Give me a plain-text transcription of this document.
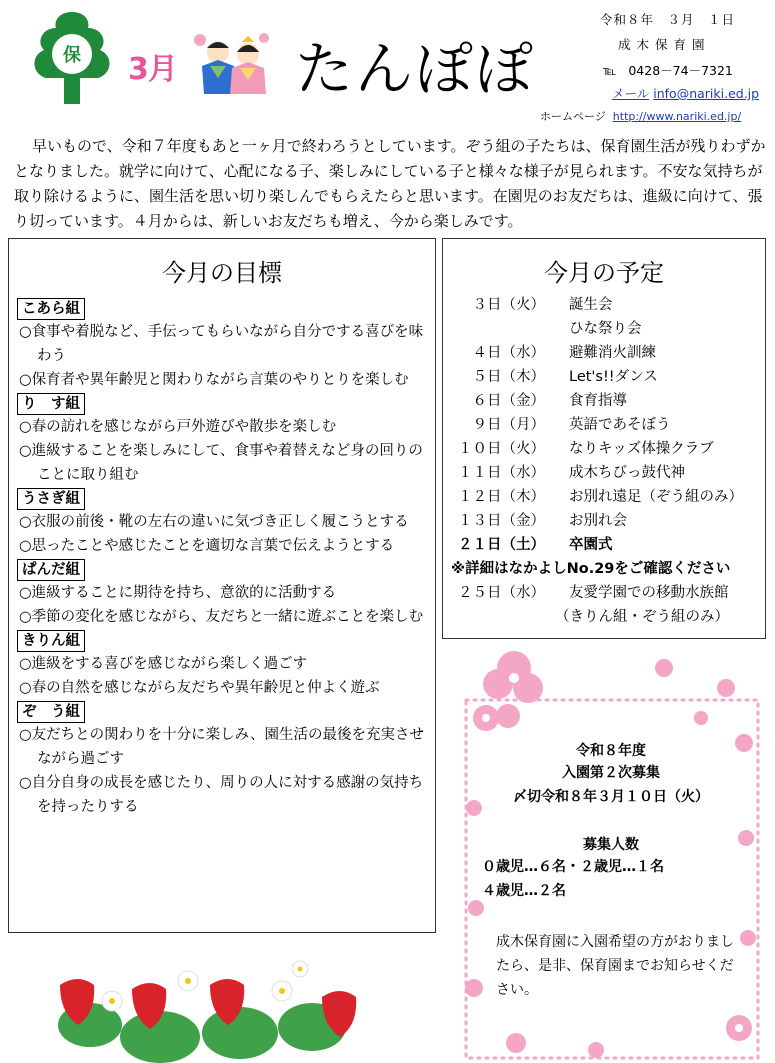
保 3月 たんぽぽ
令和８年　３月　１日
成木保育園
℡ 0428－74－7321
メール info@nariki.ed.jp
ホームページ http://www.nariki.ed.jp/
早いもので、令和７年度もあと一ヶ月で終わろうとしています。ぞう組の子たちは、保育園生活が残りわずかとなりました。就学に向けて、心配になる子、楽しみにしている子と様々な様子が見られます。不安な気持ちが取り除けるように、園生活を思い切り楽しんでもらえたらと思います。在園児のお友だちは、進級に向けて、張り切っています。４月からは、新しいお友だちも増え、今から楽しみです。
今月の目標
こあら組
○食事や着脱など、手伝ってもらいながら自分でする喜びを味わう
○保育者や異年齢児と関わりながら言葉のやりとりを楽しむ
り　す組
○春の訪れを感じながら戸外遊びや散歩を楽しむ
○進級することを楽しみにして、食事や着替えなど身の回りのことに取り組む
うさぎ組
○衣服の前後・靴の左右の違いに気づき正しく履こうとする
○思ったことや感じたことを適切な言葉で伝えようとする
ぱんだ組
○進級することに期待を持ち、意欲的に活動する
○季節の変化を感じながら、友だちと一緒に遊ぶことを楽しむ
きりん組
○進級をする喜びを感じながら楽しく過ごす
○春の自然を感じながら友だちや異年齢児と仲よく遊ぶ
ぞ　う組
○友だちとの関わりを十分に楽しみ、園生活の最後を充実させながら過ごす
○自分自身の成長を感じたり、周りの人に対する感謝の気持ちを持ったりする
今月の予定
３日（火）	誕生会
ひな祭り会
４日（水）	避難消火訓練
５日（木）	Let's!!ダンス
６日（金）	食育指導
９日（月）	英語であそぼう
１０日（火）	なりキッズ体操クラブ
１１日（水）	成木ちびっ鼓代神
１２日（木）	お別れ遠足（ぞう組のみ）
１３日（金）	お別れ会
２１日（土）	卒園式
※詳細はなかよしNo.29をご確認ください
２５日（水）	友愛学園での移動水族館
（きりん組・ぞう組のみ）
令和８年度
入園第２次募集
〆切令和８年３月１０日（火）
募集人数
０歳児…６名・２歳児…１名
４歳児…２名
成木保育園に入園希望の方がおりましたら、是非、保育園までお知らせください。
